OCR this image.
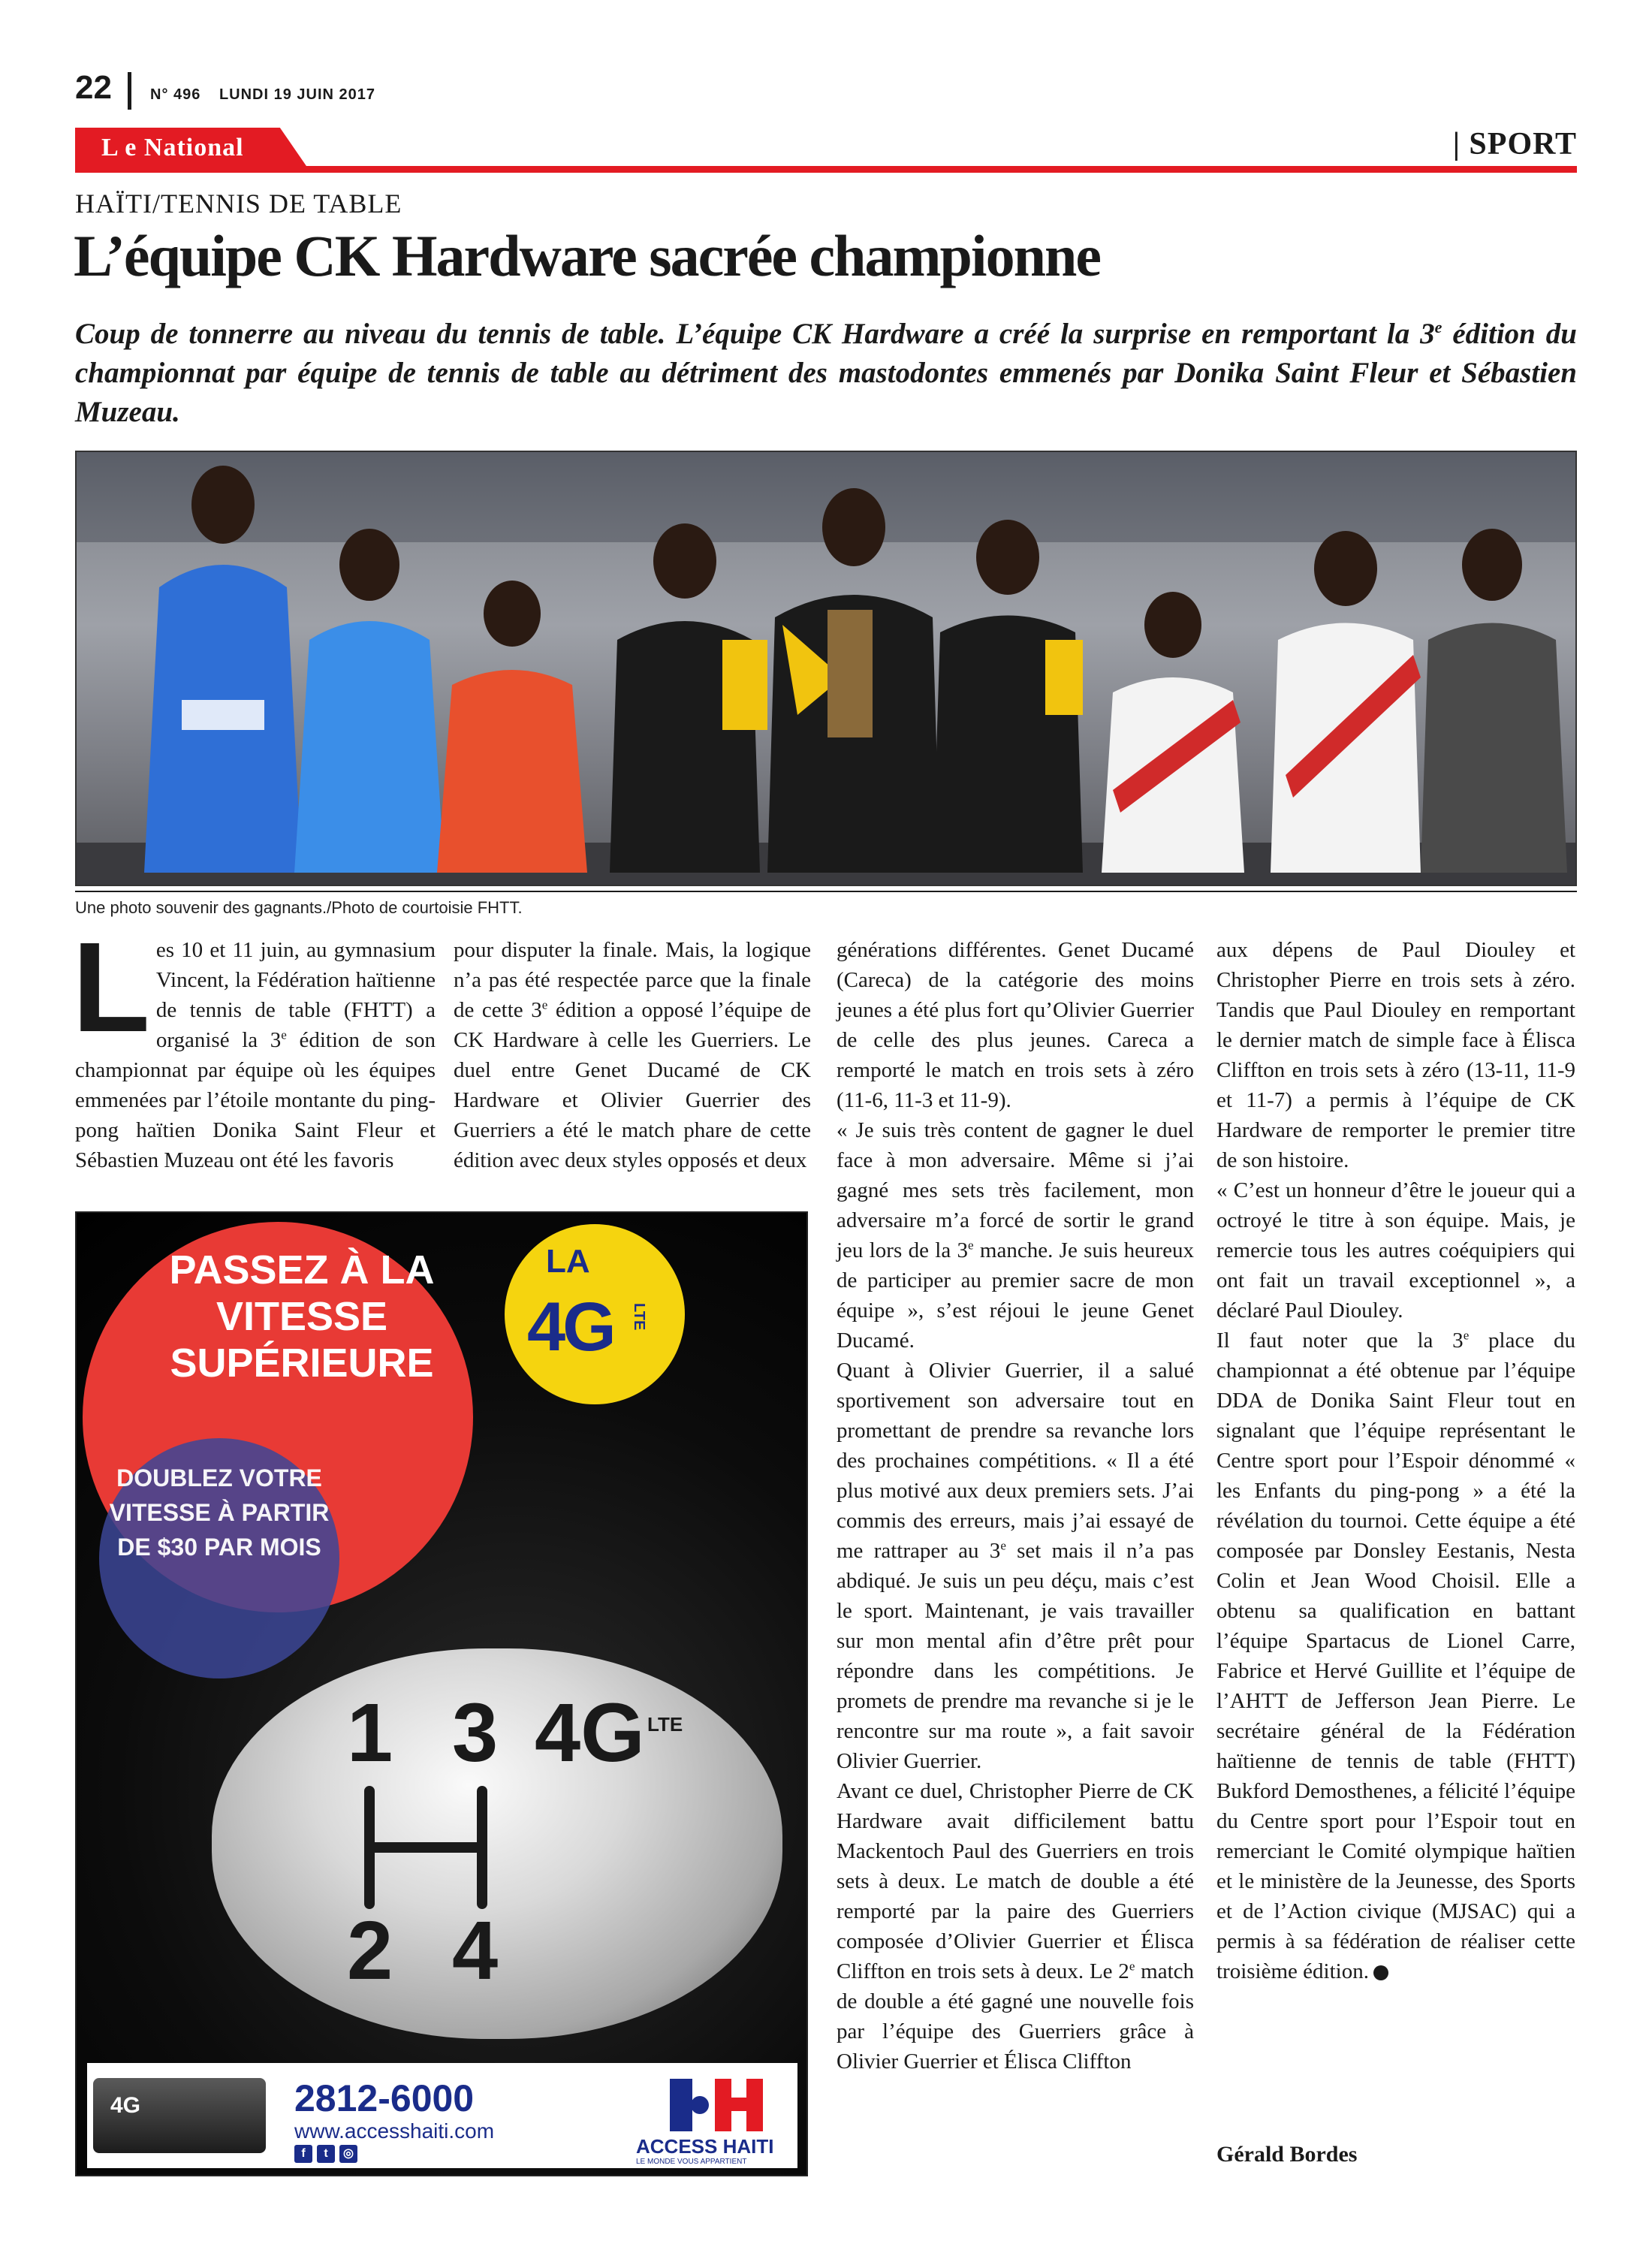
22	N° 496 LUNDI 19 JUIN 2017
L e National	| SPORT
HAÏTI/TENNIS DE TABLE
L’équipe CK Hardware sacrée championne

Coup de tonnerre au niveau du tennis de table. L’équipe CK Hardware a créé la surprise en remportant la 3e édition du championnat par équipe de tennis de table au détriment des mastodontes emmenés par Donika Saint Fleur et Sébastien Muzeau.

Une photo souvenir des gagnants./Photo de courtoisie FHTT.
L es 10 et 11 juin, au gymnasium Vincent, la Fédération haïtienne de tennis de table (FHTT) a organisé la 3e édition de son championnat par équipe où les équipes emmenées par l’étoile montante du ping-pong haïtien Donika Saint Fleur et Sébastien Muzeau ont été les favoris

pour disputer la finale. Mais, la logique n’a pas été respectée parce que la finale de cette 3e édition a opposé l’équipe de CK Hardware à celle les Guerriers. Le duel entre Genet Ducamé de CK Hardware et Olivier Guerrier des Guerriers a été le match phare de cette édition avec deux styles opposés et deux

générations différentes. Genet Ducamé (Careca) de la catégorie des moins jeunes a été plus fort qu’Olivier Guerrier de celle des plus jeunes. Careca a remporté le match en trois sets à zéro (11-6, 11-3 et 11-9).

« Je suis très content de gagner le duel face à mon adversaire. Même si j’ai gagné mes sets très facilement, mon adversaire m’a forcé de sortir le grand jeu lors de la 3e manche. Je suis heureux de participer au premier sacre de mon équipe », s’est réjoui le jeune Genet Ducamé.

Quant à Olivier Guerrier, il a salué sportivement son adversaire tout en promettant de prendre sa revanche lors des prochaines compétitions. « Il a été plus motivé aux deux premiers sets. J’ai commis des erreurs, mais j’ai essayé de me rattraper au 3e set mais il n’a pas abdiqué. Je suis un peu déçu, mais c’est le sport. Maintenant, je vais travailler sur mon mental afin d’être prêt pour répondre dans les compétitions. Je promets de prendre ma revanche si je le rencontre sur ma route », a fait savoir Olivier Guerrier.

Avant ce duel, Christopher Pierre de CK Hardware avait difficilement battu Mackentoch Paul des Guerriers en trois sets à deux. Le match de double a été remporté par la paire des Guerriers composée d’Olivier Guerrier et Élisca Cliffton en trois sets à deux. Le 2e match de double a été gagné une nouvelle fois par l’équipe des Guerriers grâce à Olivier Guerrier et Élisca Cliffton

aux dépens de Paul Diouley et Christopher Pierre en trois sets à zéro. Tandis que Paul Diouley en remportant le dernier match de simple face à Élisca Cliffton en trois sets à zéro (13-11, 11-9 et 11-7) a permis à l’équipe de CK Hardware de remporter le premier titre de son histoire.

« C’est un honneur d’être le joueur qui a octroyé le titre à son équipe. Mais, je remercie tous les autres coéquipiers qui ont fait un travail exceptionnel », a déclaré Paul Diouley.

Il faut noter que la 3e place du championnat a été obtenue par l’équipe DDA de Donika Saint Fleur tout en signalant que l’équipe représentant le Centre sport pour l’Espoir dénommé « les Enfants du ping-pong » a été la révélation du tournoi. Cette équipe a été composée par Donsley Eestanis, Nesta Colin et Jean Wood Choisil. Elle a obtenu sa qualification en battant l’équipe Spartacus de Lionel Carre, Fabrice et Hervé Guillite et l’équipe de l’AHTT de Jefferson Jean Pierre. Le secrétaire général de la Fédération haïtienne de tennis de table (FHTT) Bukford Demosthenes, a félicité l’équipe du Centre sport pour l’Espoir tout en remerciant le Comité olympique haïtien et le ministère de la Jeunesse, des Sports et de l’Action civique (MJSAC) qui a permis à sa fédération de réaliser cette troisième édition.

Gérald Bordes
PASSEZ À LA VITESSE SUPÉRIEURE
LA
4G LTE
DOUBLEZ VOTRE VITESSE À PARTIR DE $30 PAR MOIS
1 3 4G LTE
2 4
4G	2812-6000
www.accesshaiti.com
f	t	◎	ACCESS HAITI
LE MONDE VOUS APPARTIENT
